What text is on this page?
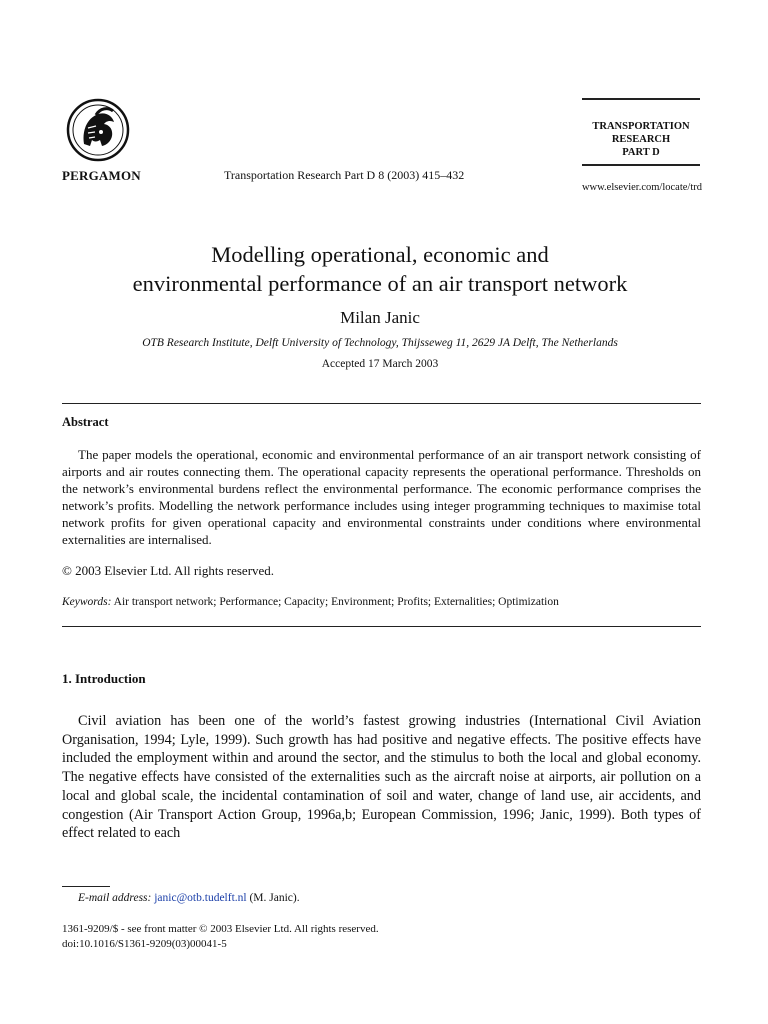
PERGAMON	Transportation Research Part D 8 (2003) 415–432
TRANSPORTATION
RESEARCH
PART D
www.elsevier.com/locate/trd
Modelling operational, economic and
environmental performance of an air transport network
Milan Janic
OTB Research Institute, Delft University of Technology, Thijsseweg 11, 2629 JA Delft, The Netherlands
Accepted 17 March 2003
Abstract
The paper models the operational, economic and environmental performance of an air transport network consisting of airports and air routes connecting them. The operational capacity represents the operational performance. Thresholds on the network’s environmental burdens reflect the environmental performance. The economic performance comprises the network’s profits. Modelling the network performance includes using integer programming techniques to maximise total network profits for given operational capacity and environmental constraints under conditions where environmental externalities are internalised.
© 2003 Elsevier Ltd. All rights reserved.
Keywords: Air transport network; Performance; Capacity; Environment; Profits; Externalities; Optimization
1. Introduction
Civil aviation has been one of the world’s fastest growing industries (International Civil Aviation Organisation, 1994; Lyle, 1999). Such growth has had positive and negative effects. The positive effects have included the employment within and around the sector, and the stimulus to both the local and global economy. The negative effects have consisted of the externalities such as the aircraft noise at airports, air pollution on a local and global scale, the incidental contamination of soil and water, change of land use, air accidents, and congestion (Air Transport Action Group, 1996a,b; European Commission, 1996; Janic, 1999). Both types of effect related to each
E-mail address: janic@otb.tudelft.nl (M. Janic).
1361-9209/$ - see front matter © 2003 Elsevier Ltd. All rights reserved.
doi:10.1016/S1361-9209(03)00041-5
